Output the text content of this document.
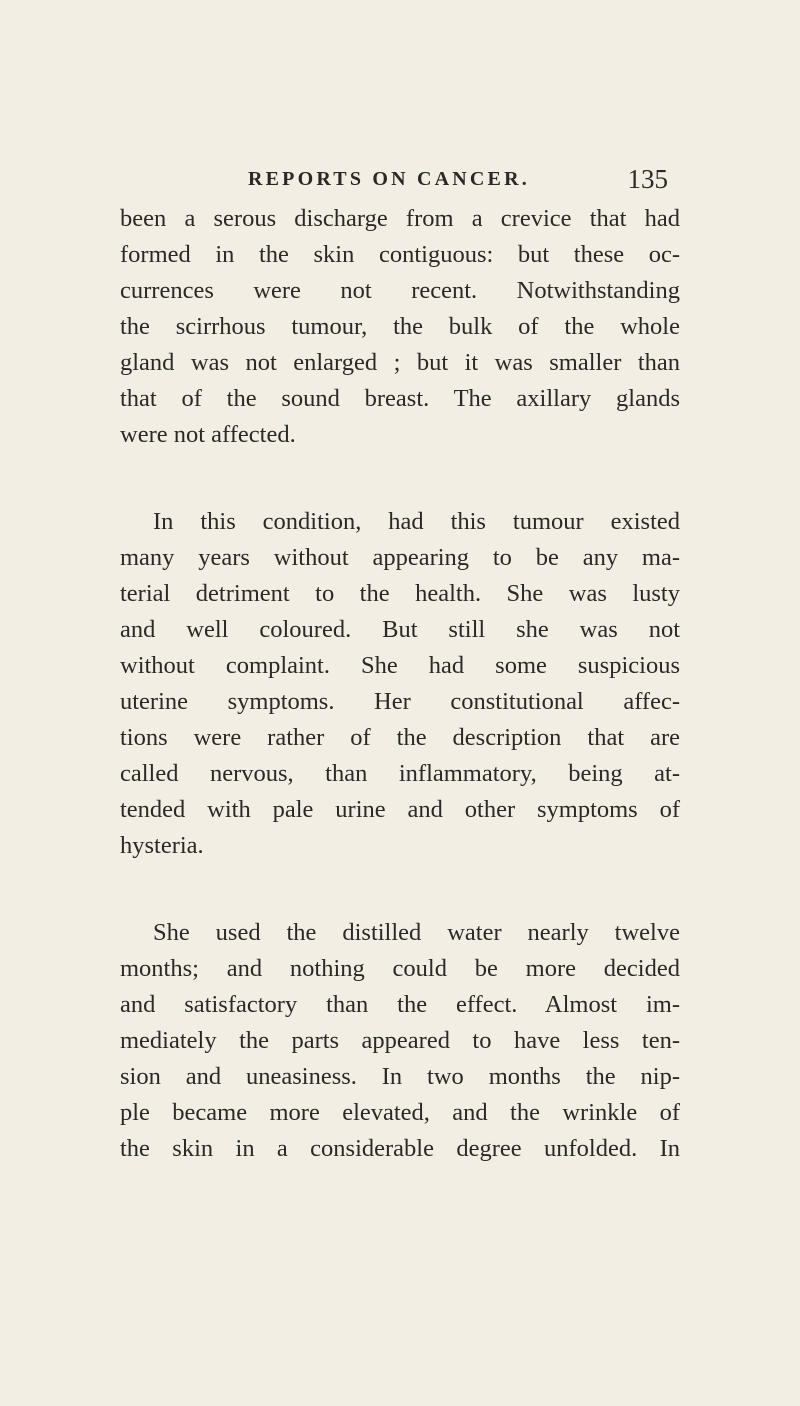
REPORTS ON CANCER.	135

been a serous discharge from a crevice that had
formed in the skin contiguous: but these oc-
currences were not recent. Notwithstanding
the scirrhous tumour, the bulk of the whole
gland was not enlarged ; but it was smaller than
that of the sound breast. The axillary glands
were not affected.

In this condition, had this tumour existed
many years without appearing to be any ma-
terial detriment to the health. She was lusty
and well coloured. But still she was not
without complaint. She had some suspicious
uterine symptoms. Her constitutional affec-
tions were rather of the description that are
called nervous, than inflammatory, being at-
tended with pale urine and other symptoms of
hysteria.

She used the distilled water nearly twelve
months; and nothing could be more decided
and satisfactory than the effect. Almost im-
mediately the parts appeared to have less ten-
sion and uneasiness. In two months the nip-
ple became more elevated, and the wrinkle of
the skin in a considerable degree unfolded. In
